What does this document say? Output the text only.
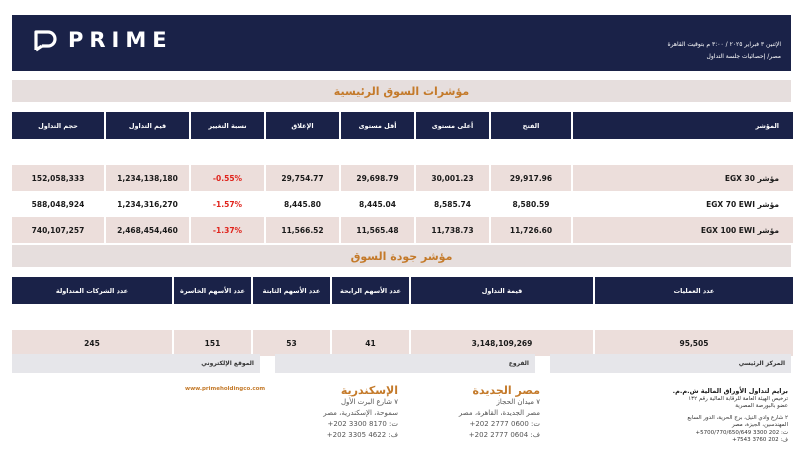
PRIME	الإثنين ٣ فبراير ٢٠٢٥ / ٣:٠٠ م بتوقيت القاهرة
مصر/ إحصائيات جلسة التداول
مؤشرات السوق الرئيسية
حجم التداول	قيم التداول	نسبة التغيير	الإغلاق	أقل مستوى	أعلى مستوى	الفتح	المؤشر

152,058,333	1,234,138,180	-0.55%	29,754.77	29,698.79	30,001.23	29,917.96	مؤشر EGX 30
588,048,924	1,234,316,270	-1.57%	8,445.80	8,445.04	8,585.74	8,580.59	مؤشر EGX 70 EWI
740,107,257	2,468,454,460	-1.37%	11,566.52	11,565.48	11,738.73	11,726.60	مؤشر EGX 100 EWI
مؤشر جودة السوق
عدد الشركات المتداولة	عدد الأسهم الخاسرة	عدد الأسهم الثابتة	عدد الأسهم الرابحة	قيمة التداول	عدد العمليات

245	151	53	41	3,148,109,269	95,505
الموقع الإلكتروني	الفروع	المركز الرئيسي
www.primeholdingco.com	الإسكندرية
٧ شارع البرت الأول
سموحة، الإسكندرية، مصر
ت: 8170 3300 202+
ف: 4622 3305 202+
مصر الجديدة
٧ ميدان الحجاز
مصر الجديدة، القاهرة، مصر
ت: 0600 2777 202+
ف: 0604 2777 202+
برايم لتداول الأوراق المالية ش.م.م.
ترخيص الهيئة العامة للرقابة المالية رقم ١٣٢
عضو بالبورصة المصرية
٢ شارع وادي النيل، برج الحرية، الدور السابع
المهندسين، الجيزة، مصر
ت: 202 3300 5700/770/650/649+
ف: 202 3760 7543+
